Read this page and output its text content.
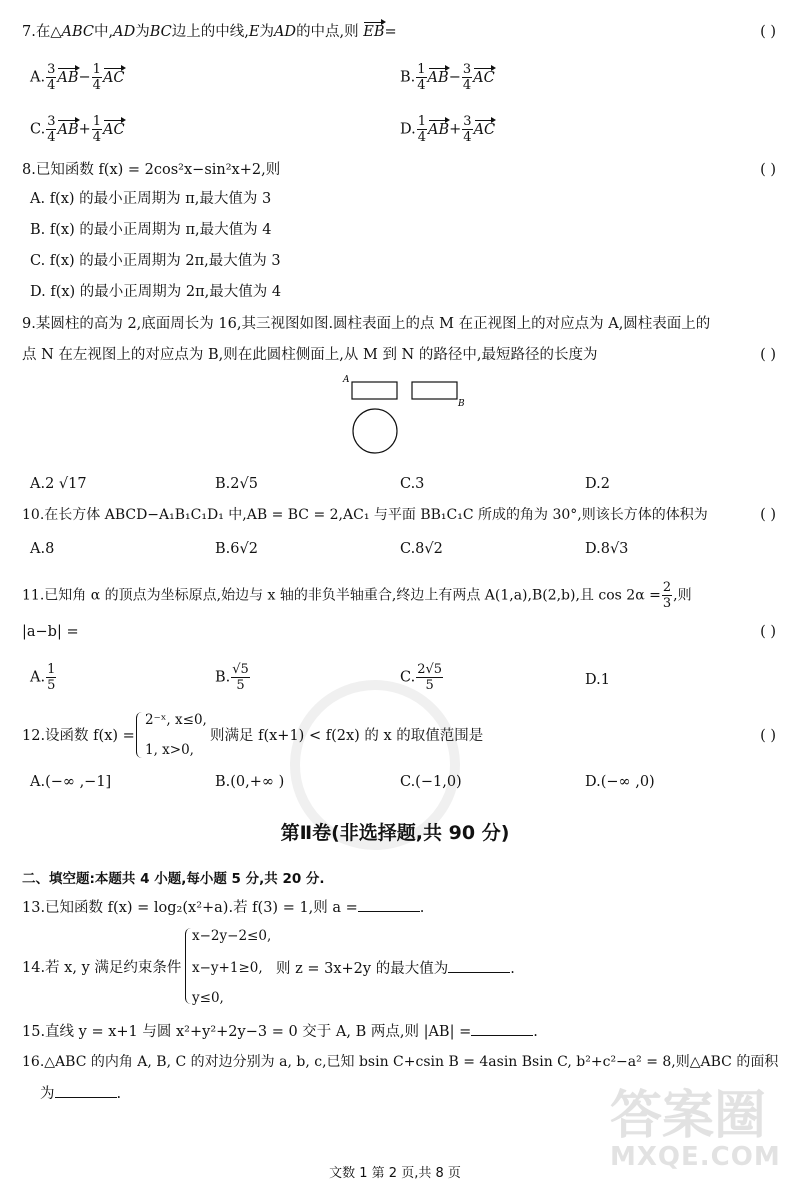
答案圈
MXQE.COM
7.在△ABC中,AD为BC边上的中线,E为AD的中点,则 EB=	( )
A. $\frac{3}{4} AB- \frac{1}{4}$ AC	B. $\frac{1}{4} AB- \frac{3}{4}$ AC
C. $\frac{3}{4} AB+ \frac{1}{4}$ AC	D. $\frac{1}{4} AB+ \frac{3}{4}$ AC
8.已知函数 f(x) = 2cos²x−sin²x+2,则	( )
A. f(x) 的最小正周期为 π,最大值为 3
B. f(x) 的最小正周期为 π,最大值为 4
C. f(x) 的最小正周期为 2π,最大值为 3
D. f(x) 的最小正周期为 2π,最大值为 4
9.某圆柱的高为 2,底面周长为 16,其三视图如图.圆柱表面上的点 M 在正视图上的对应点为 A,圆柱表面上的
点 N 在左视图上的对应点为 B,则在此圆柱侧面上,从 M 到 N 的路径中,最短路径的长度为	( )
A
B
A.2 √17	B.2√5	C.3	D.2
10.在长方体 ABCD−A₁B₁C₁D₁ 中,AB = BC = 2,AC₁ 与平面 BB₁C₁C 所成的角为 30°,则该长方体的体积为	( )
A.8	B.6√2	C.8√2	D.8√3
11.已知角 α 的顶点为坐标原点,始边与 x 轴的非负半轴重合,终边上有两点 A(1,a),B(2,b),且 $\cos 2\alpha = \frac{2}{3}$ ,则
|a−b| =	( )
A. $\frac{1}{5}$	B. $\frac{√5}{5}$	C. $\frac{2√5}{5}$	D.1
12.设函数 f(x) =
2⁻ˣ, x≤0,
1, x>0,
则满足 f(x+1) < f(2x) 的 x 的取值范围是	( )
A.(−∞ ,−1]	B.(0,+∞ )	C.(−1,0)	D.(−∞ ,0)
第Ⅱ卷(非选择题,共 90 分)
二、填空题:本题共 4 小题,每小题 5 分,共 20 分.
13.已知函数 f(x) = log₂(x²+a).若 f(3) = 1,则 a =	.
14.若 x, y 满足约束条件
x−2y−2≤0,
x−y+1≥0,
y≤0,
则 z = 3x+2y 的最大值为	.
15.直线 y = x+1 与圆 x²+y²+2y−3 = 0 交于 A, B 两点,则 |AB| =	.
16.△ABC 的内角 A, B, C 的对边分别为 a, b, c,已知 bsin C+csin B = 4asin Bsin C, b²+c²−a² = 8,则△ABC 的面积
为	.
文数 1 第 2 页,共 8 页
